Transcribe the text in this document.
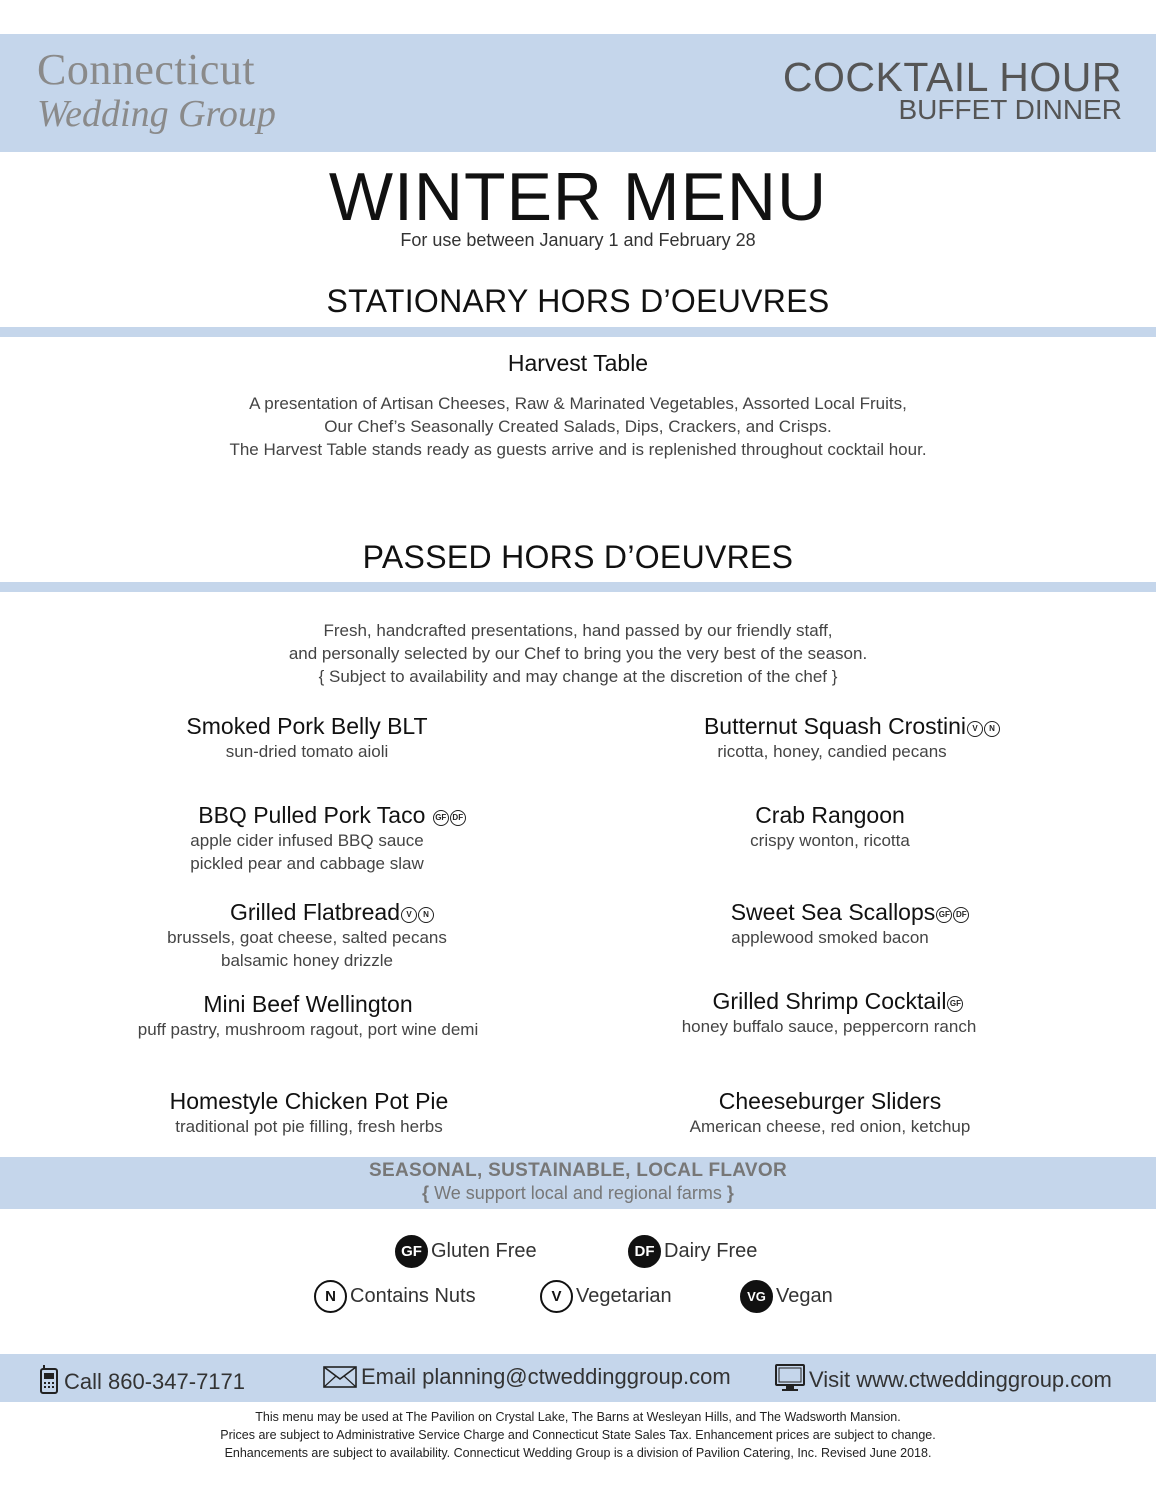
Connecticut
Wedding Group
COCKTAIL HOUR
BUFFET DINNER
WINTER MENU
For use between January 1 and February 28
STATIONARY HORS D’OEUVRES
Harvest Table
A presentation of Artisan Cheeses, Raw & Marinated Vegetables, Assorted Local Fruits,
Our Chef’s Seasonally Created Salads, Dips, Crackers, and Crisps.
The Harvest Table stands ready as guests arrive and is replenished throughout cocktail hour.
PASSED HORS D’OEUVRES
Fresh, handcrafted presentations, hand passed by our friendly staff,
and personally selected by our Chef to bring you the very best of the season.
{ Subject to availability and may change at the discretion of the chef }
Smoked Pork Belly BLT
sun-dried tomato aioli
BBQ Pulled Pork Taco GF DF
apple cider infused BBQ sauce
pickled pear and cabbage slaw
Grilled Flatbread V N
brussels, goat cheese, salted pecans
balsamic honey drizzle
Mini Beef Wellington
puff pastry, mushroom ragout, port wine demi
Homestyle Chicken Pot Pie
traditional pot pie filling, fresh herbs
Butternut Squash Crostini V N
ricotta, honey, candied pecans
Crab Rangoon
crispy wonton, ricotta
Sweet Sea Scallops GF DF
applewood smoked bacon
Grilled Shrimp Cocktail GF
honey buffalo sauce, peppercorn ranch
Cheeseburger Sliders
American cheese, red onion, ketchup
SEASONAL, SUSTAINABLE, LOCAL FLAVOR
{ We support local and regional farms }
GF Gluten Free	DF Dairy Free
N Contains Nuts	V Vegetarian	VG Vegan
Call 860-347-7171	Email planning@ctweddinggroup.com	Visit www.ctweddinggroup.com
This menu may be used at The Pavilion on Crystal Lake, The Barns at Wesleyan Hills, and The Wadsworth Mansion.
Prices are subject to Administrative Service Charge and Connecticut State Sales Tax. Enhancement prices are subject to change.
Enhancements are subject to availability. Connecticut Wedding Group is a division of Pavilion Catering, Inc. Revised June 2018.
